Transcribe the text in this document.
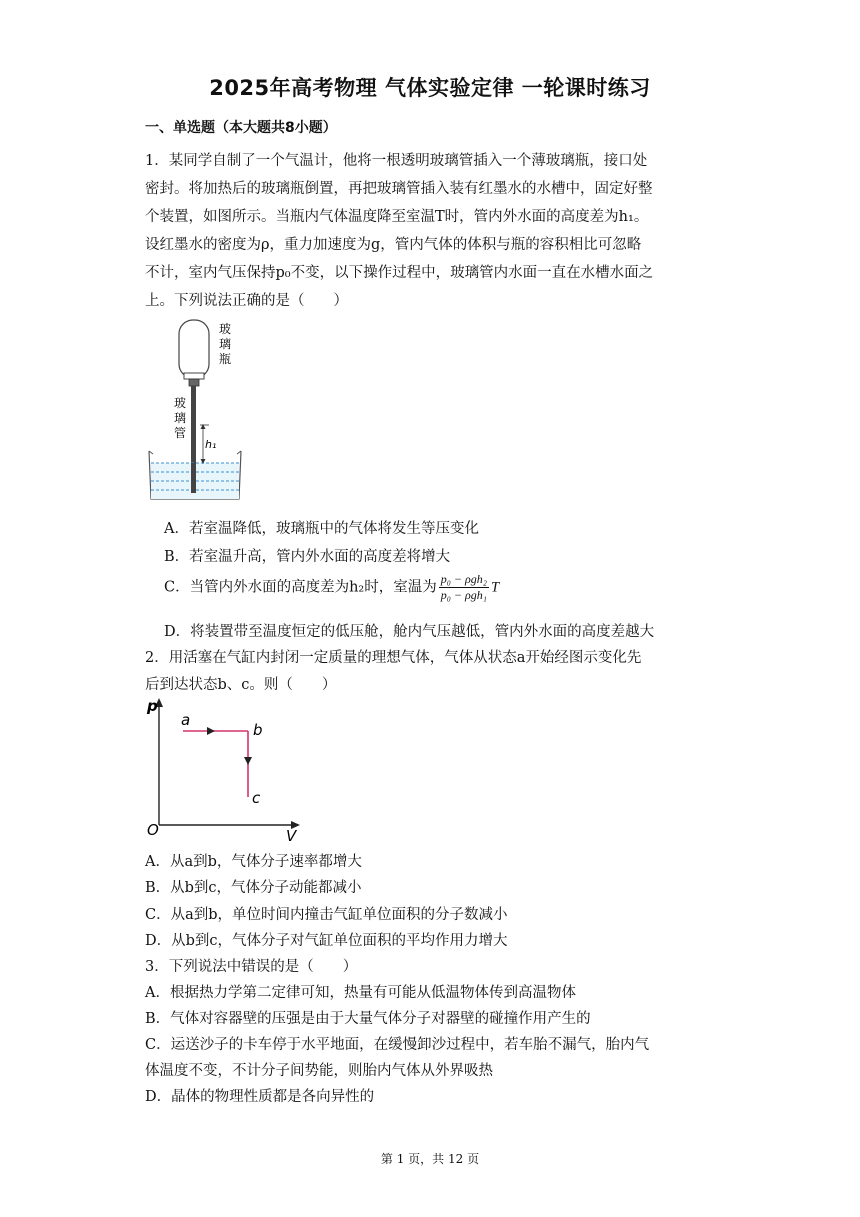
2025年高考物理 气体实验定律 一轮课时练习
一、单选题（本大题共8小题）
1．某同学自制了一个气温计，他将一根透明玻璃管插入一个薄玻璃瓶，接口处
密封。将加热后的玻璃瓶倒置，再把玻璃管插入装有红墨水的水槽中，固定好整
个装置，如图所示。当瓶内气体温度降至室温T时，管内外水面的高度差为h₁。
设红墨水的密度为ρ，重力加速度为g，管内气体的体积与瓶的容积相比可忽略
不计，室内气压保持p₀不变，以下操作过程中，玻璃管内水面一直在水槽水面之
上。下列说法正确的是（　　）
玻
璃
瓶
玻
璃
管
h₁
A．若室温降低，玻璃瓶中的气体将发生等压变化
B．若室温升高，管内外水面的高度差将增大
C．当管内外水面的高度差为h₂时，室温为 $\frac{\text{p₀ − ρgh₂}}{\text{p₀ − ρgh₁}}$ T
D．将装置带至温度恒定的低压舱，舱内气压越低，管内外水面的高度差越大
2．用活塞在气缸内封闭一定质量的理想气体，气体从状态a开始经图示变化先
后到达状态b、c。则（　　）
p
V
O
a
b
c
A．从a到b，气体分子速率都增大
B．从b到c，气体分子动能都减小
C．从a到b，单位时间内撞击气缸单位面积的分子数减小
D．从b到c，气体分子对气缸单位面积的平均作用力增大
3．下列说法中错误的是（　　）
A．根据热力学第二定律可知，热量有可能从低温物体传到高温物体
B．气体对容器壁的压强是由于大量气体分子对器壁的碰撞作用产生的
C．运送沙子的卡车停于水平地面，在缓慢卸沙过程中，若车胎不漏气，胎内气
体温度不变，不计分子间势能，则胎内气体从外界吸热
D．晶体的物理性质都是各向异性的
第 1 页，共 12 页
